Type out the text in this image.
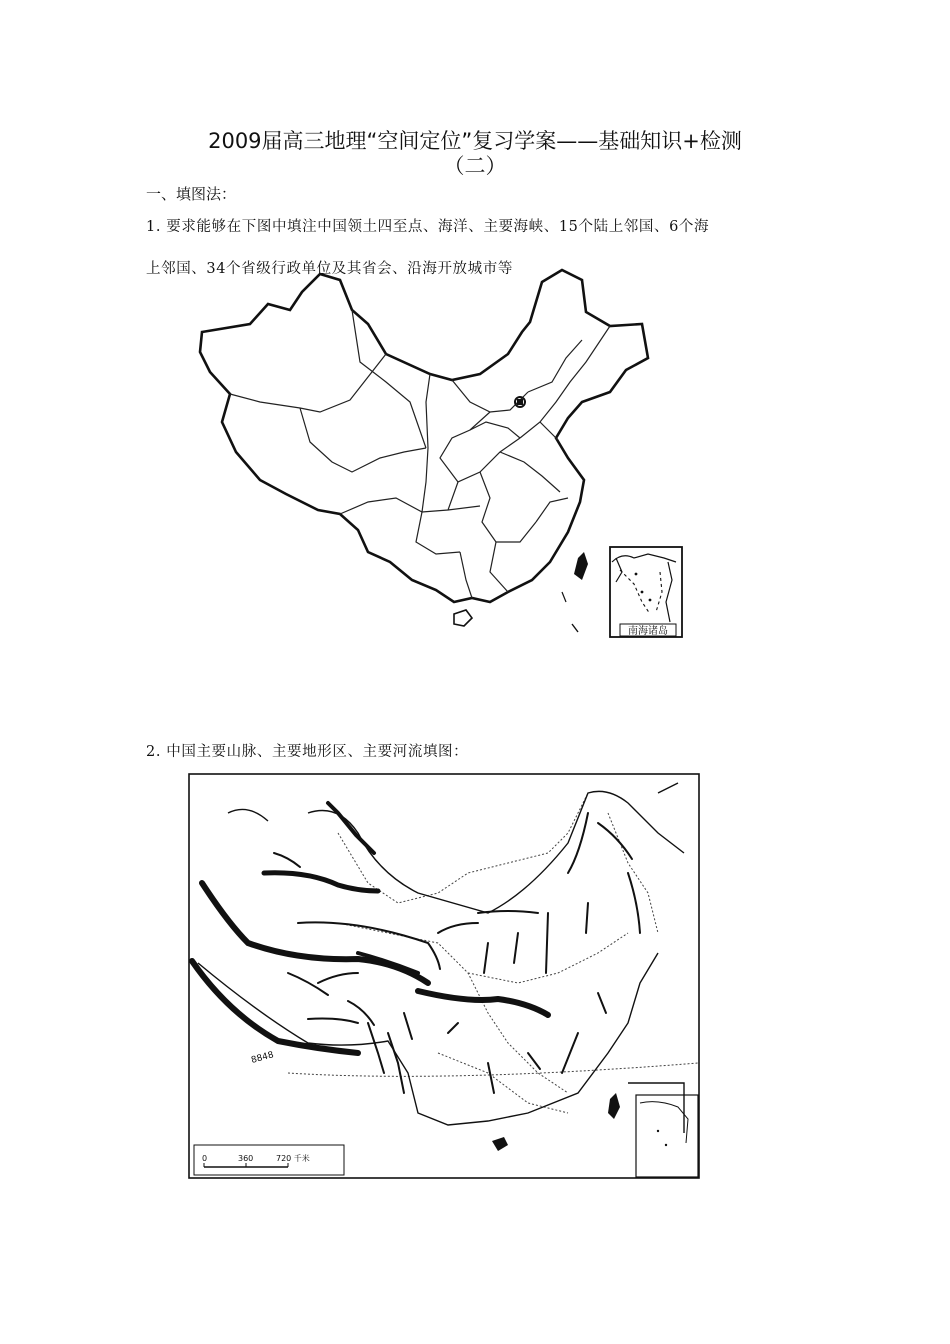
2009届高三地理“空间定位”复习学案——基础知识+检测
（二）
一、填图法：
1. 要求能够在下图中填注中国领土四至点、海洋、主要海峡、15个陆上邻国、6个海
上邻国、34个省级行政单位及其省会、沿海开放城市等
南海诸岛
2. 中国主要山脉、主要地形区、主要河流填图：
8848
0	360	720 千米
